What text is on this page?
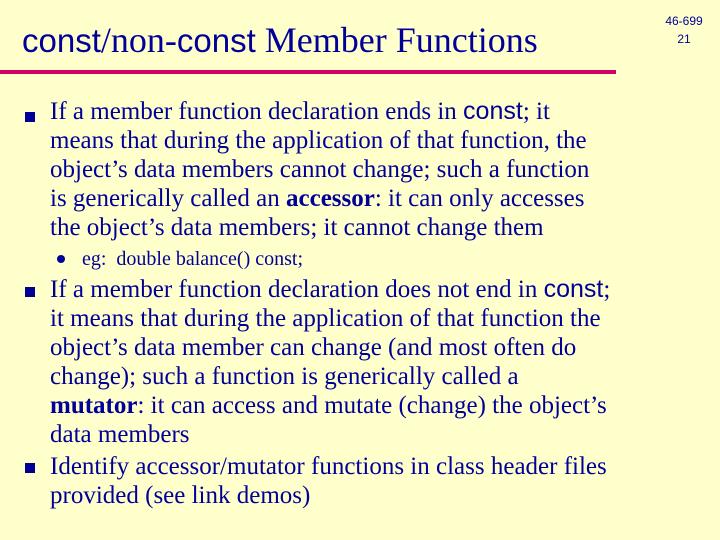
const/non-const Member Functions	46-699
21
If a member function declaration ends in const; it
means that during the application of that function, the
object’s data members cannot change; such a function
is generically called an accessor: it can only accesses
the object’s data members; it cannot change them
eg:  double balance() const;
If a member function declaration does not end in const;
it means that during the application of that function the
object’s data member can change (and most often do
change); such a function is generically called a
mutator: it can access and mutate (change) the object’s
data members
Identify accessor/mutator functions in class header files
provided (see link demos)
